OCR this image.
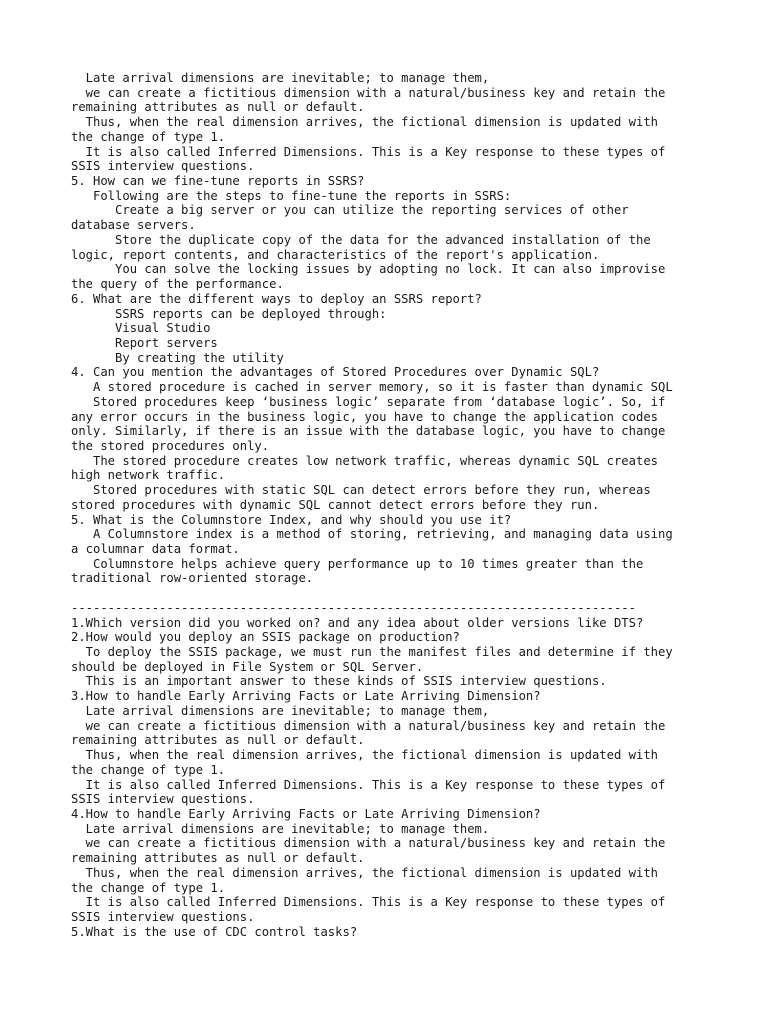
Late arrival dimensions are inevitable; to manage them,
we can create a fictitious dimension with a natural/business key and retain the
remaining attributes as null or default.
Thus, when the real dimension arrives, the fictional dimension is updated with
the change of type 1.
It is also called Inferred Dimensions. This is a Key response to these types of
SSIS interview questions.
5. How can we fine-tune reports in SSRS?
Following are the steps to fine-tune the reports in SSRS:
Create a big server or you can utilize the reporting services of other
database servers.
Store the duplicate copy of the data for the advanced installation of the
logic, report contents, and characteristics of the report's application.
You can solve the locking issues by adopting no lock. It can also improvise
the query of the performance.
6. What are the different ways to deploy an SSRS report?
SSRS reports can be deployed through:
Visual Studio
Report servers
By creating the utility
4. Can you mention the advantages of Stored Procedures over Dynamic SQL?
A stored procedure is cached in server memory, so it is faster than dynamic SQL
Stored procedures keep ‘business logic’ separate from ‘database logic’. So, if
any error occurs in the business logic, you have to change the application codes
only. Similarly, if there is an issue with the database logic, you have to change
the stored procedures only.
The stored procedure creates low network traffic, whereas dynamic SQL creates
high network traffic.
Stored procedures with static SQL can detect errors before they run, whereas
stored procedures with dynamic SQL cannot detect errors before they run.
5. What is the Columnstore Index, and why should you use it?
A Columnstore index is a method of storing, retrieving, and managing data using
a columnar data format.
Columnstore helps achieve query performance up to 10 times greater than the
traditional row-oriented storage.
-----------------------------------------------------------------------------
1.Which version did you worked on? and any idea about older versions like DTS?
2.How would you deploy an SSIS package on production?
To deploy the SSIS package, we must run the manifest files and determine if they
should be deployed in File System or SQL Server.
This is an important answer to these kinds of SSIS interview questions.
3.How to handle Early Arriving Facts or Late Arriving Dimension?
Late arrival dimensions are inevitable; to manage them,
we can create a fictitious dimension with a natural/business key and retain the
remaining attributes as null or default.
Thus, when the real dimension arrives, the fictional dimension is updated with
the change of type 1.
It is also called Inferred Dimensions. This is a Key response to these types of
SSIS interview questions.
4.How to handle Early Arriving Facts or Late Arriving Dimension?
Late arrival dimensions are inevitable; to manage them.
we can create a fictitious dimension with a natural/business key and retain the
remaining attributes as null or default.
Thus, when the real dimension arrives, the fictional dimension is updated with
the change of type 1.
It is also called Inferred Dimensions. This is a Key response to these types of
SSIS interview questions.
5.What is the use of CDC control tasks?
